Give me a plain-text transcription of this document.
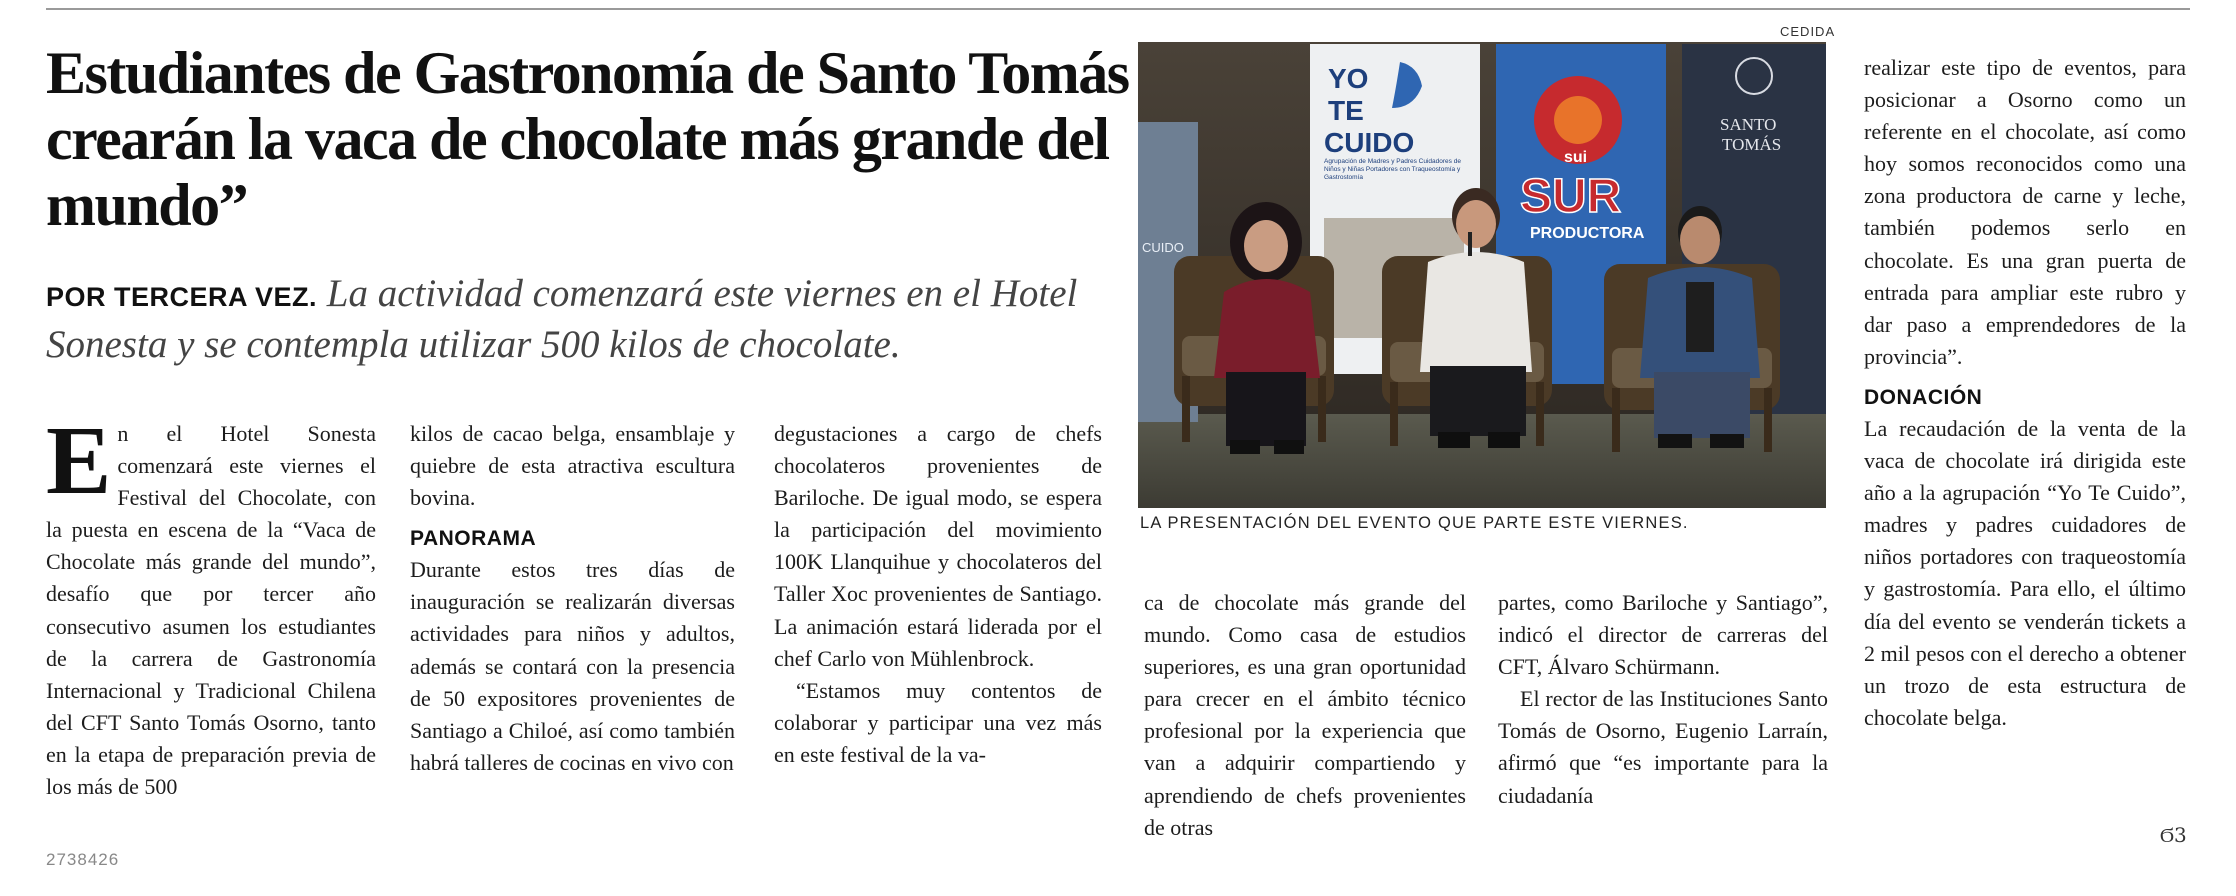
Estudiantes de Gastronomía de Santo Tomás crearán la vaca de chocolate más grande del mundo”

POR TERCERA VEZ. La actividad comenzará este viernes en el Hotel Sonesta y se contempla utilizar 500 kilos de chocolate.

E n el Hotel Sonesta comenzará este viernes el Festival del Chocolate, con la puesta en escena de la “Vaca de Chocolate más grande del mundo”, desafío que por tercer año consecutivo asumen los estudiantes de la carrera de Gastronomía Internacional y Tradicional Chilena del CFT Santo Tomás Osorno, tanto en la etapa de preparación previa de los más de 500

kilos de cacao belga, ensamblaje y quiebre de esta atractiva escultura bovina.

PANORAMA

Durante estos tres días de inauguración se realizarán diversas actividades para niños y adultos, además se contará con la presencia de 50 expositores provenientes de Santiago a Chiloé, así como también habrá talleres de cocinas en vivo con

degustaciones a cargo de chefs chocolateros provenientes de Bariloche. De igual modo, se espera la participación del movimiento 100K Llanquihue y chocolateros del Taller Xoc provenientes de Santiago. La animación estará liderada por el chef Carlo von Mühlenbrock.

“Estamos muy contentos de colaborar y participar una vez más en este festival de la va-

ca de chocolate más grande del mundo. Como casa de estudios superiores, es una gran oportunidad para crecer en el ámbito técnico profesional por la experiencia que van a adquirir compartiendo y aprendiendo de chefs provenientes de otras

partes, como Bariloche y Santiago”, indicó el director de carreras del CFT, Álvaro Schürmann.

El rector de las Instituciones Santo Tomás de Osorno, Eugenio Larraín, afirmó que “es importante para la ciudadanía

realizar este tipo de eventos, para posicionar a Osorno como un referente en el chocolate, así como hoy somos reconocidos como una zona productora de carne y leche, también podemos serlo en chocolate. Es una gran puerta de entrada para ampliar este rubro y dar paso a emprendedores de la provincia”.

DONACIÓN

La recaudación de la venta de la vaca de chocolate irá dirigida este año a la agrupación “Yo Te Cuido”, madres y padres cuidadores de niños portadores con traqueostomía y gastrostomía. Para ello, el último día del evento se venderán tickets a 2 mil pesos con el derecho a obtener un trozo de esta estructura de chocolate belga.

CEDIDA
CUIDO
YO
TE
CUIDO
Agrupación de Madres y Padres Cuidadores de Niños y Niñas Portadores con Traqueostomía y Gastrostomía
sui
SUR
PRODUCTORA
SANTO
TOMÁS
LA PRESENTACIÓN DEL EVENTO QUE PARTE ESTE VIERNES.
Ϭ3
2738426
